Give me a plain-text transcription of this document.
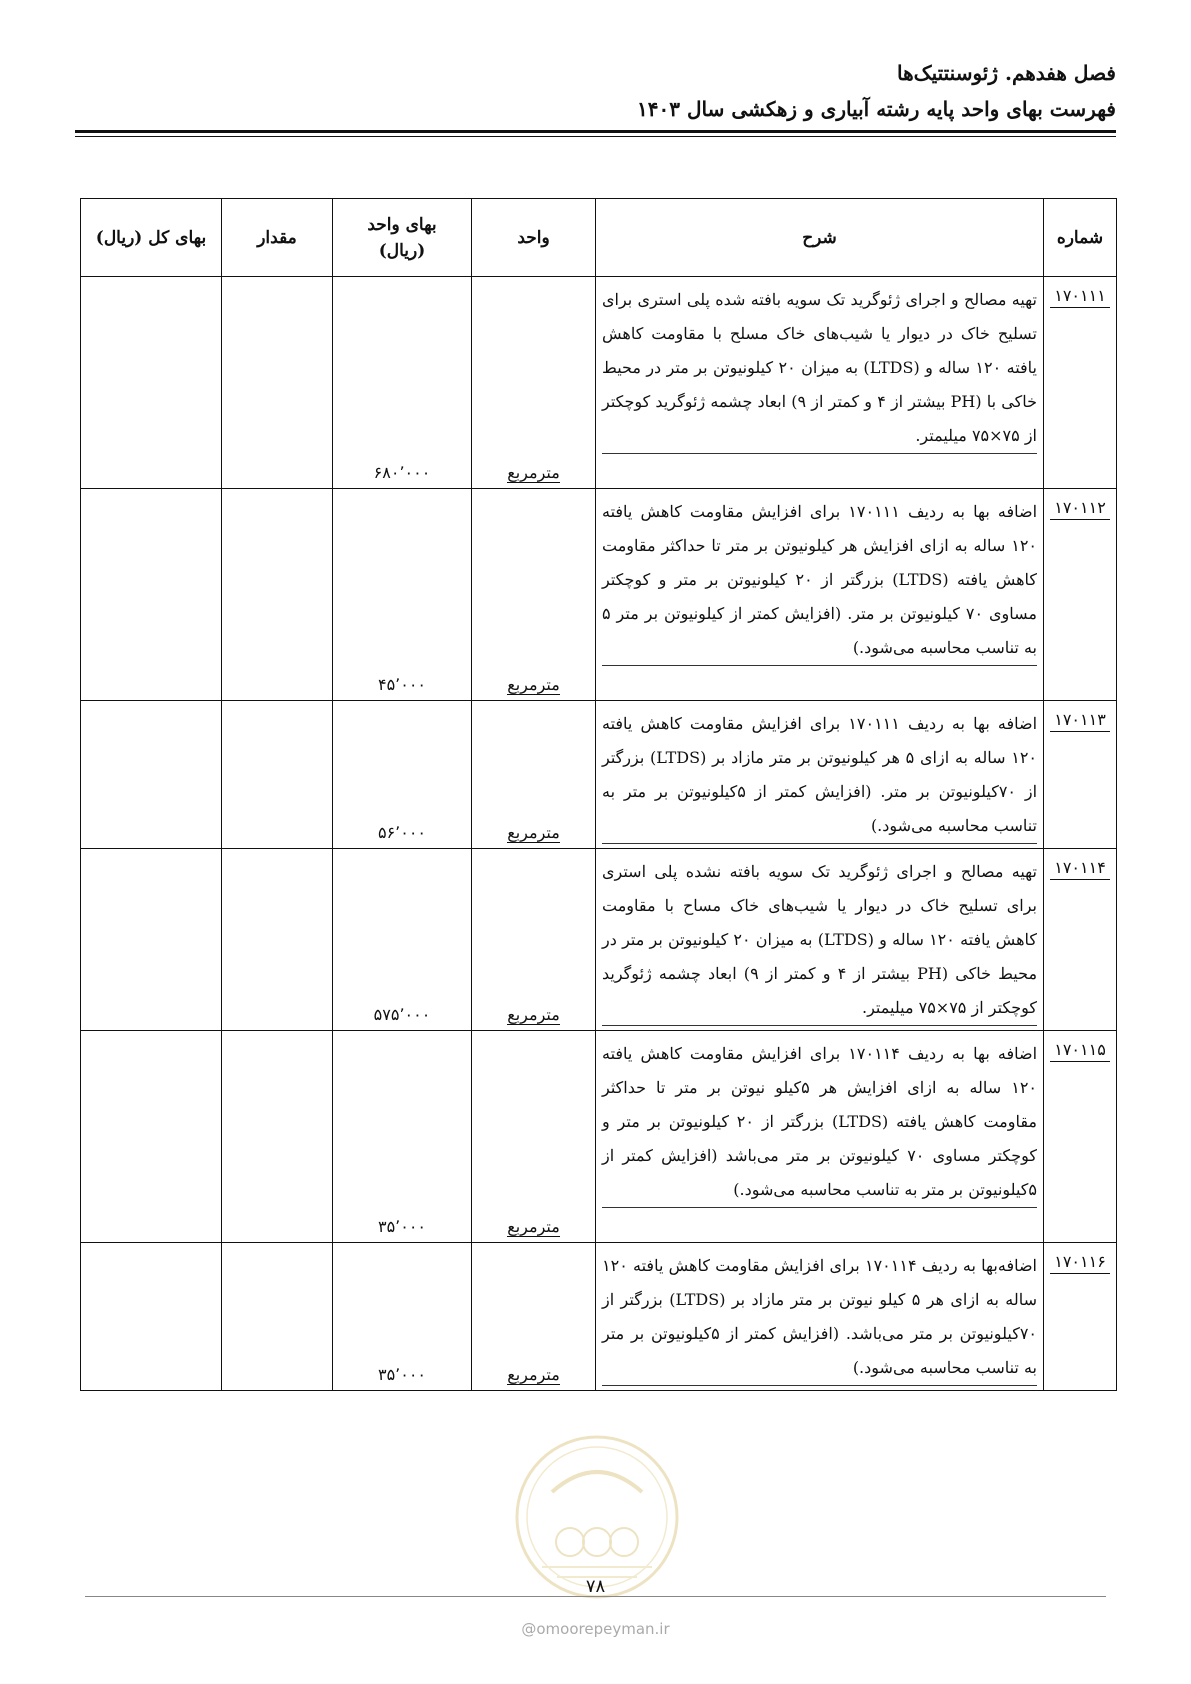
فصل هفدهم. ژئوسنتتیک‌ها
فهرست بهای واحد پایه رشته آبیاری و زهکشی سال ۱۴۰۳
شماره	شرح	واحد	بهای واحد (ریال)	مقدار	بهای کل (ریال)
۱۷۰۱۱۱	تهیه مصالح و اجرای ژئوگرید تک سویه بافته شده پلی استری برای تسلیح خاک در دیوار یا شیب‌های خاک مسلح با مقاومت کاهش یافته ۱۲۰ ساله و (LTDS) به میزان ۲۰ کیلونیوتن بر متر در محیط خاکی با (PH بیشتر از ۴ و کمتر از ۹) ابعاد چشمه ژئوگرید کوچکتر از ۷۵×۷۵ میلیمتر.	مترمربع	۶۸۰٬۰۰۰		
۱۷۰۱۱۲	اضافه بها به ردیف ۱۷۰۱۱۱ برای افزایش مقاومت کاهش یافته ۱۲۰ ساله به ازای افزایش هر کیلونیوتن بر متر تا حداکثر مقاومت کاهش یافته (LTDS) بزرگتر از ۲۰ کیلونیوتن بر متر و کوچکتر مساوی ۷۰ کیلونیوتن بر متر. (افزایش کمتر از کیلونیوتن بر متر ۵ به تناسب محاسبه می‌شود.)	مترمربع	۴۵٬۰۰۰		
۱۷۰۱۱۳	اضافه بها به ردیف ۱۷۰۱۱۱ برای افزایش مقاومت کاهش یافته ۱۲۰ ساله به ازای ۵ هر کیلونیوتن بر متر مازاد بر (LTDS) بزرگتر از ۷۰کیلونیوتن بر متر. (افزایش کمتر از ۵کیلونیوتن بر متر به تناسب محاسبه می‌شود.)	مترمربع	۵۶٬۰۰۰		
۱۷۰۱۱۴	تهیه مصالح و اجرای ژئوگرید تک سویه بافته نشده پلی استری برای تسلیح خاک در دیوار یا شیب‌های خاک مساح با مقاومت کاهش یافته ۱۲۰ ساله و (LTDS) به میزان ۲۰ کیلونیوتن بر متر در محیط خاکی (PH بیشتر از ۴ و کمتر از ۹) ابعاد چشمه ژئوگرید کوچکتر از ۷۵×۷۵ میلیمتر.	مترمربع	۵۷۵٬۰۰۰		
۱۷۰۱۱۵	اضافه بها به ردیف ۱۷۰۱۱۴ برای افزایش مقاومت کاهش یافته ۱۲۰ ساله به ازای افزایش هر ۵کیلو نیوتن بر متر تا حداکثر مقاومت کاهش یافته (LTDS) بزرگتر از ۲۰ کیلونیوتن بر متر و کوچکتر مساوی ۷۰ کیلونیوتن بر متر می‌باشد (افزایش کمتر از ۵کیلونیوتن بر متر به تناسب محاسبه می‌شود.)	مترمربع	۳۵٬۰۰۰		
۱۷۰۱۱۶	اضافه‌بها به ردیف ۱۷۰۱۱۴ برای افزایش مقاومت کاهش یافته ۱۲۰ ساله به ازای هر ۵ کیلو نیوتن بر متر مازاد بر (LTDS) بزرگتر از ۷۰کیلونیوتن بر متر می‌باشد. (افزایش کمتر از ۵کیلونیوتن بر متر به تناسب محاسبه می‌شود.)	مترمربع	۳۵٬۰۰۰		
۷۸
@omoorepeyman.ir
